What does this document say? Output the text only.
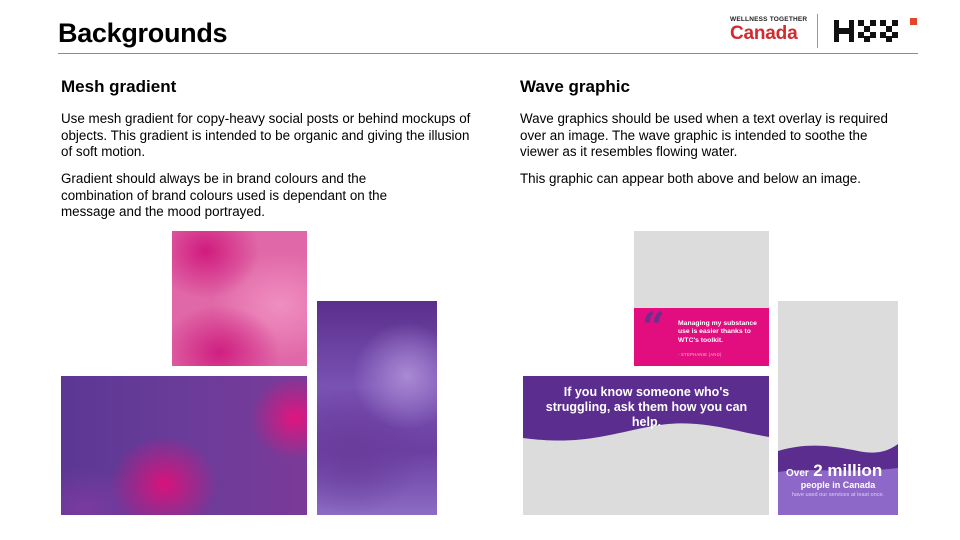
Backgrounds	WELLNESS TOGETHER
Canada
Mesh gradient
Use mesh gradient for copy-heavy social posts or behind mockups of objects. This gradient is intended to be organic and giving the illusion of soft motion.
Gradient should always be in brand colours and the combination of brand colours used is dependant on the message and the mood portrayed.
Wave graphic
Wave graphics should be used when a text overlay is required over an image. The wave graphic is intended to soothe the viewer as it resembles flowing water.
This graphic can appear both above and below an image.
“ Managing my substance use is easier thanks to WTC's toolkit.
- STEPHANIE (AND)
If you know someone who's struggling, ask them how you can help.
Over 2 million
people in Canada
have used our services at least once.
